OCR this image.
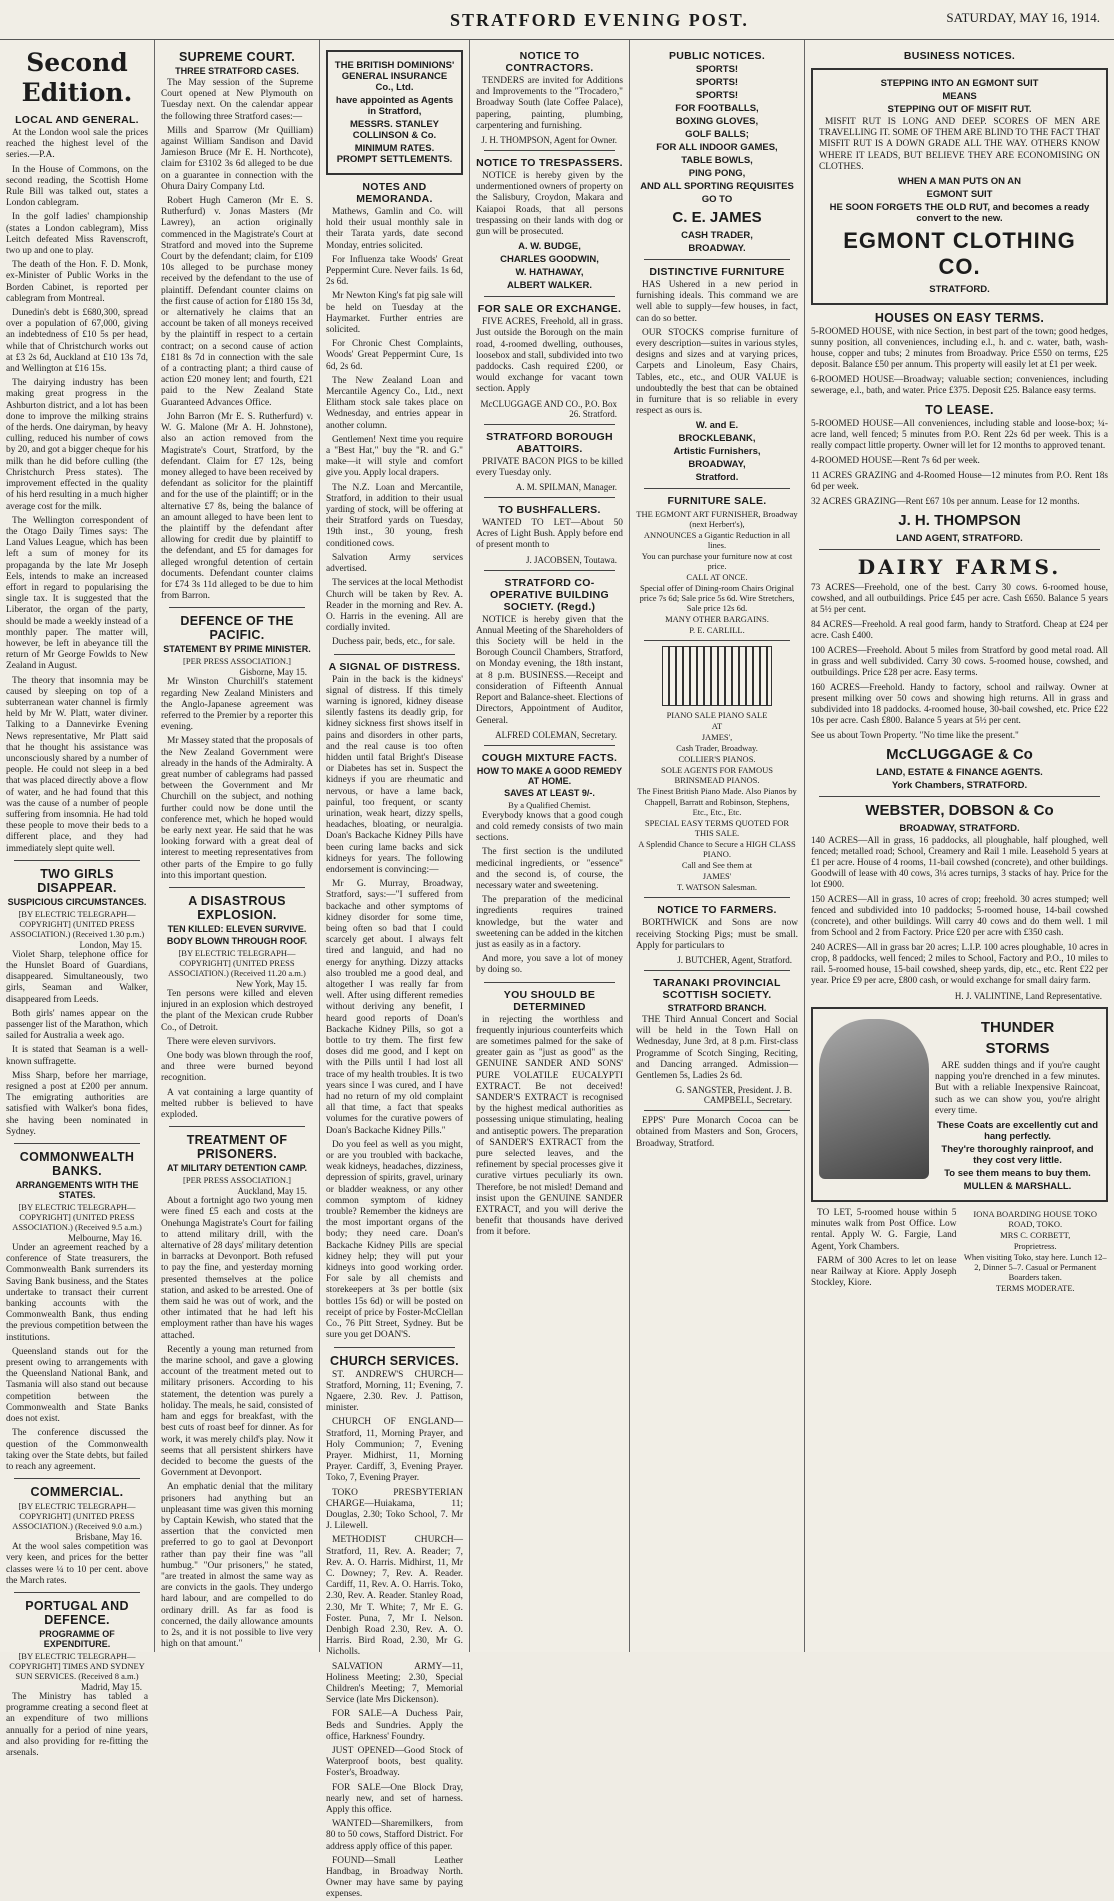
STRATFORD EVENING POST.	SATURDAY, MAY 16, 1914.
Second Edition.
LOCAL AND GENERAL.

At the London wool sale the prices reached the highest level of the series.—P.A.

In the House of Commons, on the second reading, the Scottish Home Rule Bill was talked out, states a London cablegram.

In the golf ladies' championship (states a London cablegram), Miss Leitch defeated Miss Ravenscroft, two up and one to play.

The death of the Hon. F. D. Monk, ex-Minister of Public Works in the Borden Cabinet, is reported per cablegram from Montreal.

Dunedin's debt is £680,300, spread over a population of 67,000, giving an indebtedness of £10 5s per head, while that of Christchurch works out at £3 2s 6d, Auckland at £10 13s 7d, and Wellington at £16 15s.

The dairying industry has been making great progress in the Ashburton district, and a lot has been done to improve the milking strains of the herds. One dairyman, by heavy culling, reduced his number of cows by 20, and got a bigger cheque for his milk than he did before culling (the Christchurch Press states). The improvement effected in the quality of his herd resulting in a much higher average cost for the milk.

The Wellington correspondent of the Otago Daily Times says: The Land Values League, which has been left a sum of money for its propaganda by the late Mr Joseph Eels, intends to make an increased effort in regard to popularising the single tax. It is suggested that the Liberator, the organ of the party, should be made a weekly instead of a monthly paper. The matter will, however, be left in abeyance till the return of Mr George Fowlds to New Zealand in August.

The theory that insomnia may be caused by sleeping on top of a subterranean water channel is firmly held by Mr W. Platt, water diviner. Talking to a Dannevirke Evening News representative, Mr Platt said that he thought his assistance was unconsciously shared by a number of people. He could not sleep in a bed that was placed directly above a flow of water, and he had found that this was the cause of a number of people suffering from insomnia. He had told these people to move their beds to a different place, and they had immediately slept quite well.

TWO GIRLS DISAPPEAR.
SUSPICIOUS CIRCUMSTANCES.
[BY ELECTRIC TELEGRAPH—COPYRIGHT] (UNITED PRESS ASSOCIATION.) (Received 1.30 p.m.)
London, May 15.

Violet Sharp, telephone office for the Hunslet Board of Guardians, disappeared. Simultaneously, two girls, Seaman and Walker, disappeared from Leeds.

Both girls' names appear on the passenger list of the Marathon, which sailed for Australia a week ago.

It is stated that Seaman is a well-known suffragette.

Miss Sharp, before her marriage, resigned a post at £200 per annum. The emigrating authorities are satisfied with Walker's bona fides, she having been nominated in Sydney.

COMMONWEALTH BANKS.
ARRANGEMENTS WITH THE STATES.
[BY ELECTRIC TELEGRAPH—COPYRIGHT] (UNITED PRESS ASSOCIATION.) (Received 9.5 a.m.)
Melbourne, May 16.

Under an agreement reached by a conference of State treasurers, the Commonwealth Bank surrenders its Saving Bank business, and the States undertake to transact their current banking accounts with the Commonwealth Bank, thus ending the previous competition between the institutions.

Queensland stands out for the present owing to arrangements with the Queensland National Bank, and Tasmania will also stand out because competition between the Commonwealth and State Banks does not exist.

The conference discussed the question of the Commonwealth taking over the State debts, but failed to reach any agreement.

COMMERCIAL.
[BY ELECTRIC TELEGRAPH—COPYRIGHT] (UNITED PRESS ASSOCIATION.) (Received 9.0 a.m.)
Brisbane, May 16.

At the wool sales competition was very keen, and prices for the better classes were ¼ to 10 per cent. above the March rates.

PORTUGAL AND DEFENCE.
PROGRAMME OF EXPENDITURE.
[BY ELECTRIC TELEGRAPH—COPYRIGHT] TIMES AND SYDNEY SUN SERVICES. (Received 8 a.m.)
Madrid, May 15.

The Ministry has tabled a programme creating a second fleet at an expenditure of two millions annually for a period of nine years, and also providing for re-fitting the arsenals.

SUPREME COURT.
THREE STRATFORD CASES.

The May session of the Supreme Court opened at New Plymouth on Tuesday next. On the calendar appear the following three Stratford cases:—

Mills and Sparrow (Mr Quilliam) against William Sandison and David Jamieson Bruce (Mr E. H. Northcote), claim for £3102 3s 6d alleged to be due on a guarantee in connection with the Ohura Dairy Company Ltd.

Robert Hugh Cameron (Mr E. S. Rutherfurd) v. Jonas Masters (Mr Lawrey), an action originally commenced in the Magistrate's Court at Stratford and moved into the Supreme Court by the defendant; claim, for £109 10s alleged to be purchase money received by the defendant to the use of plaintiff. Defendant counter claims on the first cause of action for £180 15s 3d, or alternatively he claims that an account be taken of all moneys received by the plaintiff in respect to a certain contract; on a second cause of action £181 8s 7d in connection with the sale of a contracting plant; a third cause of action £20 money lent; and fourth, £21 paid to the New Zealand State Guaranteed Advances Office.

John Barron (Mr E. S. Rutherfurd) v. W. G. Malone (Mr A. H. Johnstone), also an action removed from the Magistrate's Court, Stratford, by the defendant. Claim for £7 12s, being money alleged to have been received by defendant as solicitor for the plaintiff and for the use of the plaintiff; or in the alternative £7 8s, being the balance of an amount alleged to have been lent to the plaintiff by the defendant after allowing for credit due by plaintiff to the defendant, and £5 for damages for alleged wrongful detention of certain documents. Defendant counter claims for £74 3s 11d alleged to be due to him from Barron.

DEFENCE OF THE PACIFIC.
STATEMENT BY PRIME MINISTER.
[PER PRESS ASSOCIATION.]
Gisborne, May 15.

Mr Winston Churchill's statement regarding New Zealand Ministers and the Anglo-Japanese agreement was referred to the Premier by a reporter this evening.

Mr Massey stated that the proposals of the New Zealand Government were already in the hands of the Admiralty. A great number of cablegrams had passed between the Government and Mr Churchill on the subject, and nothing further could now be done until the conference met, which he hoped would be early next year. He said that he was looking forward with a great deal of interest to meeting representatives from other parts of the Empire to go fully into this important question.

A DISASTROUS EXPLOSION.
TEN KILLED: ELEVEN SURVIVE.
BODY BLOWN THROUGH ROOF.
[BY ELECTRIC TELEGRAPH—COPYRIGHT] (UNITED PRESS ASSOCIATION.) (Received 11.20 a.m.)
New York, May 15.

Ten persons were killed and eleven injured in an explosion which destroyed the plant of the Mexican crude Rubber Co., of Detroit.

There were eleven survivors.

One body was blown through the roof, and three were burned beyond recognition.

A vat containing a large quantity of melted rubber is believed to have exploded.

TREATMENT OF PRISONERS.
AT MILITARY DETENTION CAMP.
[PER PRESS ASSOCIATION.]
Auckland, May 15.

About a fortnight ago two young men were fined £5 each and costs at the Onehunga Magistrate's Court for failing to attend military drill, with the alternative of 28 days' military detention in barracks at Devonport. Both refused to pay the fine, and yesterday morning presented themselves at the police station, and asked to be arrested. One of them said he was out of work, and the other intimated that he had left his employment rather than have his wages attached.

Recently a young man returned from the marine school, and gave a glowing account of the treatment meted out to military prisoners. According to his statement, the detention was purely a holiday. The meals, he said, consisted of ham and eggs for breakfast, with the best cuts of roast beef for dinner. As for work, it was merely child's play. Now it seems that all persistent shirkers have decided to become the guests of the Government at Devonport.

An emphatic denial that the military prisoners had anything but an unpleasant time was given this morning by Captain Kewish, who stated that the assertion that the convicted men preferred to go to gaol at Devonport rather than pay their fine was "all humbug." "Our prisoners," he stated, "are treated in almost the same way as are convicts in the gaols. They undergo hard labour, and are compelled to do ordinary drill. As far as food is concerned, the daily allowance amounts to 2s, and it is not possible to live very high on that amount."

THE BRITISH DOMINIONS' GENERAL INSURANCE Co., Ltd.
have appointed as Agents in Stratford,
MESSRS. STANLEY COLLINSON & Co.
MINIMUM RATES. PROMPT SETTLEMENTS.
NOTES AND MEMORANDA.

Mathews, Gamlin and Co. will hold their usual monthly sale in their Tarata yards, date second Monday, entries solicited.

For Influenza take Woods' Great Peppermint Cure. Never fails. 1s 6d, 2s 6d.

Mr Newton King's fat pig sale will be held on Tuesday at the Haymarket. Further entries are solicited.

For Chronic Chest Complaints, Woods' Great Peppermint Cure, 1s 6d, 2s 6d.

The New Zealand Loan and Mercantile Agency Co., Ltd., next Elitham stock sale takes place on Wednesday, and entries appear in another column.

Gentlemen! Next time you require a "Best Hat," buy the "R. and G." make—it will style and comfort give you. Apply local drapers.

The N.Z. Loan and Mercantile, Stratford, in addition to their usual yarding of stock, will be offering at their Stratford yards on Tuesday, 19th inst., 30 young, fresh conditioned cows.

Salvation Army services advertised.

The services at the local Methodist Church will be taken by Rev. A. Reader in the morning and Rev. A. O. Harris in the evening. All are cordially invited.

Duchess pair, beds, etc., for sale.

A SIGNAL OF DISTRESS.

Pain in the back is the kidneys' signal of distress. If this timely warning is ignored, kidney disease silently fastens its deadly grip, for kidney sickness first shows itself in pains and disorders in other parts, and the real cause is too often hidden until fatal Bright's Disease or Diabetes has set in. Suspect the kidneys if you are rheumatic and nervous, or have a lame back, painful, too frequent, or scanty urination, weak heart, dizzy spells, headaches, bloating, or neuralgia. Doan's Backache Kidney Pills have been curing lame backs and sick kidneys for years. The following endorsement is convincing:—

Mr G. Murray, Broadway, Stratford, says:—"I suffered from backache and other symptoms of kidney disorder for some time, being often so bad that I could scarcely get about. I always felt tired and languid, and had no energy for anything. Dizzy attacks also troubled me a good deal, and altogether I was really far from well. After using different remedies without deriving any benefit, I heard good reports of Doan's Backache Kidney Pills, so got a bottle to try them. The first few doses did me good, and I kept on with the Pills until I had lost all trace of my health troubles. It is two years since I was cured, and I have had no return of my old complaint all that time, a fact that speaks volumes for the curative powers of Doan's Backache Kidney Pills."

Do you feel as well as you might, or are you troubled with backache, weak kidneys, headaches, dizziness, depression of spirits, gravel, urinary or bladder weakness, or any other common symptom of kidney trouble? Remember the kidneys are the most important organs of the body; they need care. Doan's Backache Kidney Pills are special kidney help; they will put your kidneys into good working order. For sale by all chemists and storekeepers at 3s per bottle (six bottles 15s 6d) or will be posted on receipt of price by Foster-McClellan Co., 76 Pitt Street, Sydney. But be sure you get DOAN'S.

CHURCH SERVICES.

ST. ANDREW'S CHURCH—Stratford, Morning, 11; Evening, 7. Ngaere, 2.30. Rev. J. Pattison, minister.

CHURCH OF ENGLAND—Stratford, 11, Morning Prayer, and Holy Communion; 7, Evening Prayer. Midhirst, 11, Morning Prayer. Cardiff, 3, Evening Prayer. Toko, 7, Evening Prayer.

TOKO PRESBYTERIAN CHARGE—Huiakama, 11; Douglas, 2.30; Toko School, 7. Mr J. Lilewell.

METHODIST CHURCH—Stratford, 11, Rev. A. Reader; 7, Rev. A. O. Harris. Midhirst, 11, Mr C. Downey; 7, Rev. A. Reader. Cardiff, 11, Rev. A. O. Harris. Toko, 2.30, Rev. A. Reader. Stanley Road, 2.30, Mr T. White; 7, Mr E. G. Foster. Puna, 7, Mr I. Nelson. Denbigh Road 2.30, Rev. A. O. Harris. Bird Road, 2.30, Mr G. Nicholls.

SALVATION ARMY—11, Holiness Meeting; 2.30, Special Children's Meeting; 7, Memorial Service (late Mrs Dickenson).

FOR SALE—A Duchess Pair, Beds and Sundries. Apply the office, Harkness' Foundry.

JUST OPENED—Good Stock of Waterproof boots, best quality. Foster's, Broadway.

FOR SALE—One Block Dray, nearly new, and set of harness. Apply this office.

WANTED—Sharemilkers, from 80 to 50 cows, Stafford District. For address apply office of this paper.

FOUND—Small Leather Handbag, in Broadway North. Owner may have same by paying expenses.

NOTICE TO CONTRACTORS.

TENDERS are invited for Additions and Improvements to the "Trocadero," Broadway South (late Coffee Palace), papering, painting, plumbing, carpentering and furnishing.

J. H. THOMPSON, Agent for Owner.
NOTICE TO TRESPASSERS.

NOTICE is hereby given by the undermentioned owners of property on the Salisbury, Croydon, Makara and Kaiapoi Roads, that all persons trespassing on their lands with dog or gun will be prosecuted.

A. W. BUDGE,
CHARLES GOODWIN,
W. HATHAWAY,
ALBERT WALKER.
FOR SALE OR EXCHANGE.

FIVE ACRES, Freehold, all in grass. Just outside the Borough on the main road, 4-roomed dwelling, outhouses, loosebox and stall, subdivided into two paddocks. Cash required £200, or would exchange for vacant town section. Apply

McCLUGGAGE AND CO., P.O. Box 26. Stratford.
STRATFORD BOROUGH ABATTOIRS.

PRIVATE BACON PIGS to be killed every Tuesday only.

A. M. SPILMAN, Manager.
TO BUSHFALLERS.

WANTED TO LET—About 50 Acres of Light Bush. Apply before end of present month to

J. JACOBSEN, Toutawa.
STRATFORD CO-OPERATIVE BUILDING SOCIETY. (Regd.)

NOTICE is hereby given that the Annual Meeting of the Shareholders of this Society will be held in the Borough Council Chambers, Stratford, on Monday evening, the 18th instant, at 8 p.m. BUSINESS.—Receipt and consideration of Fifteenth Annual Report and Balance-sheet. Elections of Directors, Appointment of Auditor, General.

ALFRED COLEMAN, Secretary.
COUGH MIXTURE FACTS.
HOW TO MAKE A GOOD REMEDY AT HOME.
SAVES AT LEAST 9/-.
By a Qualified Chemist.

Everybody knows that a good cough and cold remedy consists of two main sections.

The first section is the undiluted medicinal ingredients, or "essence" and the second is, of course, the necessary water and sweetening.

The preparation of the medicinal ingredients requires trained knowledge, but the water and sweetening can be added in the kitchen just as easily as in a factory.

And more, you save a lot of money by doing so.

YOU SHOULD BE DETERMINED

in rejecting the worthless and frequently injurious counterfeits which are sometimes palmed for the sake of greater gain as "just as good" as the GENUINE SANDER AND SONS' PURE VOLATILE EUCALYPTI EXTRACT. Be not deceived! SANDER'S EXTRACT is recognised by the highest medical authorities as possessing unique stimulating, healing and antiseptic powers. The preparation of SANDER'S EXTRACT from the pure selected leaves, and the refinement by special processes give it curative virtues peculiarly its own. Therefore, be not misled! Demand and insist upon the GENUINE SANDER EXTRACT, and you will derive the benefit that thousands have derived from it before.

PUBLIC NOTICES.
SPORTS!
SPORTS!
SPORTS!
FOR FOOTBALLS,
BOXING GLOVES,
GOLF BALLS;
FOR ALL INDOOR GAMES,
TABLE BOWLS,
PING PONG,
AND ALL SPORTING REQUISITES
GO TO
C. E. JAMES
CASH TRADER,
BROADWAY.
DISTINCTIVE FURNITURE

HAS Ushered in a new period in furnishing ideals. This command we are well able to supply—few houses, in fact, can do so better.

OUR STOCKS comprise furniture of every description—suites in various styles, designs and sizes and at varying prices, Carpets and Linoleum, Easy Chairs, Tables, etc., etc., and OUR VALUE is undoubtedly the best that can be obtained in furniture that is so reliable in every respect as ours is.

W. and E.
BROCKLEBANK,
Artistic Furnishers,
BROADWAY,
Stratford.
FURNITURE SALE.
THE EGMONT ART FURNISHER, Broadway (next Herbert's),
ANNOUNCES a Gigantic Reduction in all lines.
You can purchase your furniture now at cost price.
CALL AT ONCE.
Special offer of Dining-room Chairs Original price 7s 6d; Sale price 5s 6d. Wire Stretchers, Sale price 12s 6d.
MANY OTHER BARGAINS.
P. E. CARLILL.
PIANO SALE PIANO SALE
AT
JAMES',
Cash Trader, Broadway.
COLLIER'S PIANOS.
SOLE AGENTS FOR FAMOUS BRINSMEAD PIANOS.
The Finest British Piano Made. Also Pianos by
Chappell, Barratt and Robinson, Stephens, Etc., Etc., Etc.
SPECIAL EASY TERMS QUOTED FOR THIS SALE.
A Splendid Chance to Secure a HIGH CLASS PIANO.
Call and See them at
JAMES'
T. WATSON Salesman.
NOTICE TO FARMERS.

BORTHWICK and Sons are now receiving Stocking Pigs; must be small. Apply for particulars to

J. BUTCHER, Agent, Stratford.
TARANAKI PROVINCIAL SCOTTISH SOCIETY.
STRATFORD BRANCH.

THE Third Annual Concert and Social will be held in the Town Hall on Wednesday, June 3rd, at 8 p.m. First-class Programme of Scotch Singing, Reciting, and Dancing arranged. Admission—Gentlemen 5s, Ladies 2s 6d.

G. SANGSTER, President. J. B. CAMPBELL, Secretary.

EPPS' Pure Monarch Cocoa can be obtained from Masters and Son, Grocers, Broadway, Stratford.

BUSINESS NOTICES.
STEPPING INTO AN EGMONT SUIT
MEANS
STEPPING OUT OF MISFIT RUT.

MISFIT RUT IS LONG AND DEEP. SCORES OF MEN ARE TRAVELLING IT. SOME OF THEM ARE BLIND TO THE FACT THAT MISFIT RUT IS A DOWN GRADE ALL THE WAY. OTHERS KNOW WHERE IT LEADS, BUT BELIEVE THEY ARE ECONOMISING ON CLOTHES.

WHEN A MAN PUTS ON AN
EGMONT SUIT
HE SOON FORGETS THE OLD RUT, and becomes a ready convert to the new.
EGMONT CLOTHING CO.
STRATFORD.
HOUSES ON EASY TERMS.
5-ROOMED HOUSE, with nice Section, in best part of the town; good hedges, sunny position, all conveniences, including e.l., h. and c. water, bath, wash-house, copper and tubs; 2 minutes from Broadway. Price £550 on terms, £25 deposit. Balance £50 per annum. This property will easily let at £1 per week.
6-ROOMED HOUSE—Broadway; valuable section; conveniences, including sewerage, e.l., bath, and water. Price £375. Deposit £25. Balance easy terms.
TO LEASE.
5-ROOMED HOUSE—All conveniences, including stable and loose-box; ¼-acre land, well fenced; 5 minutes from P.O. Rent 22s 6d per week. This is a really compact little property. Owner will let for 12 months to approved tenant.
4-ROOMED HOUSE—Rent 7s 6d per week.
11 ACRES GRAZING and 4-Roomed House—12 minutes from P.O. Rent 18s 6d per week.
32 ACRES GRAZING—Rent £67 10s per annum. Lease for 12 months.
J. H. THOMPSON
LAND AGENT, STRATFORD.
DAIRY FARMS.
73 ACRES—Freehold, one of the best. Carry 30 cows. 6-roomed house, cowshed, and all outbuildings. Price £45 per acre. Cash £650. Balance 5 years at 5½ per cent.
84 ACRES—Freehold. A real good farm, handy to Stratford. Cheap at £24 per acre. Cash £400.
100 ACRES—Freehold. About 5 miles from Stratford by good metal road. All in grass and well subdivided. Carry 30 cows. 5-roomed house, cowshed, and outbuildings. Price £28 per acre. Easy terms.
160 ACRES—Freehold. Handy to factory, school and railway. Owner at present milking over 50 cows and showing high returns. All in grass and subdivided into 18 paddocks. 4-roomed house, 30-bail cowshed, etc. Price £22 10s per acre. Cash £800. Balance 5 years at 5½ per cent.
See us about Town Property. "No time like the present."
McCLUGGAGE & Co
LAND, ESTATE & FINANCE AGENTS.
York Chambers, STRATFORD.
WEBSTER, DOBSON & Co
BROADWAY, STRATFORD.
140 ACRES—All in grass, 16 paddocks, all ploughable, half ploughed, well fenced; metalled road; School, Creamery and Rail 1 mile. Leasehold 5 years at £1 per acre. House of 4 rooms, 11-bail cowshed (concrete), and other buildings. Goodwill of lease with 40 cows, 3¼ acres turnips, 3 stacks of hay. Price for the lot £900.
150 ACRES—All in grass, 10 acres of crop; freehold. 30 acres stumped; well fenced and subdivided into 10 paddocks; 5-roomed house, 14-bail cowshed (concrete), and other buildings. Will carry 40 cows and do them well. 1 mil from School and 2 from Factory. Price £20 per acre with £350 cash.
240 ACRES—All in grass bar 20 acres; L.I.P. 100 acres ploughable, 10 acres in crop, 8 paddocks, well fenced; 2 miles to School, Factory and P.O., 10 miles to rail. 5-roomed house, 15-bail cowshed, sheep yards, dip, etc., etc. Rent £22 per year. Price £9 per acre, £800 cash, or would exchange for small dairy farm.
H. J. VALINTINE, Land Representative.
THUNDER
STORMS

ARE sudden things and if you're caught napping you're drenched in a few minutes. But with a reliable Inexpensive Raincoat, such as we can show you, you're alright every time.

These Coats are excellently cut and hang perfectly.
They're thoroughly rainproof, and they cost very little.
To see them means to buy them.
MULLEN & MARSHALL.

TO LET, 5-roomed house within 5 minutes walk from Post Office. Low rental. Apply W. G. Fargie, Land Agent, York Chambers.

FARM of 300 Acres to let on lease near Railway at Kiore. Apply Joseph Stockley, Kiore.

IONA BOARDING HOUSE TOKO ROAD, TOKO.
MRS C. CORBETT,
Proprietress.
When visiting Toko, stay here. Lunch 12–2, Dinner 5–7. Casual or Permanent Boarders taken.
TERMS MODERATE.
